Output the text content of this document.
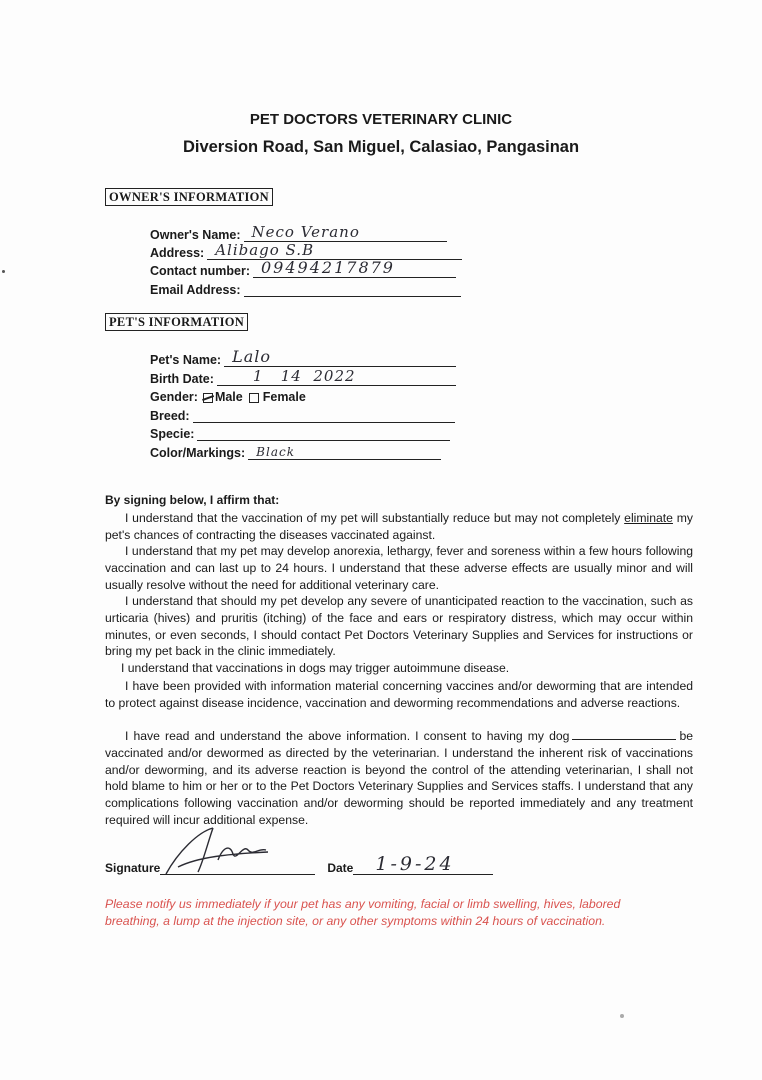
PET DOCTORS VETERINARY CLINIC
Diversion Road, San Miguel, Calasiao, Pangasinan
OWNER'S INFORMATION
Owner's Name: Neco Verano
Address: Alibago S.B
Contact number: 09494217879
Email Address:
PET'S INFORMATION
Pet's Name: Lalo
Birth Date:	1   14  2022
Gender: Male Female
Breed:
Specie:
Color/Markings: Black
By signing below, I affirm that:
I understand that the vaccination of my pet will substantially reduce but may not completely eliminate my pet's chances of contracting the diseases vaccinated against.
I understand that my pet may develop anorexia, lethargy, fever and soreness within a few hours following vaccination and can last up to 24 hours. I understand that these adverse effects are usually minor and will usually resolve without the need for additional veterinary care.
I understand that should my pet develop any severe of unanticipated reaction to the vaccination, such as urticaria (hives) and pruritis (itching) of the face and ears or respiratory distress, which may occur within minutes, or even seconds, I should contact Pet Doctors Veterinary Supplies and Services for instructions or bring my pet back in the clinic immediately.
I understand that vaccinations in dogs may trigger autoimmune disease.
I have been provided with information material concerning vaccines and/or deworming that are intended to protect against disease incidence, vaccination and deworming recommendations and adverse reactions.
I have read and understand the above information. I consent to having my dog	be vaccinated and/or dewormed as directed by the veterinarian. I understand the inherent risk of vaccinations and/or deworming, and its adverse reaction is beyond the control of the attending veterinarian, I shall not hold blame to him or her or to the Pet Doctors Veterinary Supplies and Services staffs. I understand that any complications following vaccination and/or deworming should be reported immediately and any treatment required will incur additional expense.
Signature	Date 1-9-24
Please notify us immediately if your pet has any vomiting, facial or limb swelling, hives, labored breathing, a lump at the injection site, or any other symptoms within 24 hours of vaccination.
